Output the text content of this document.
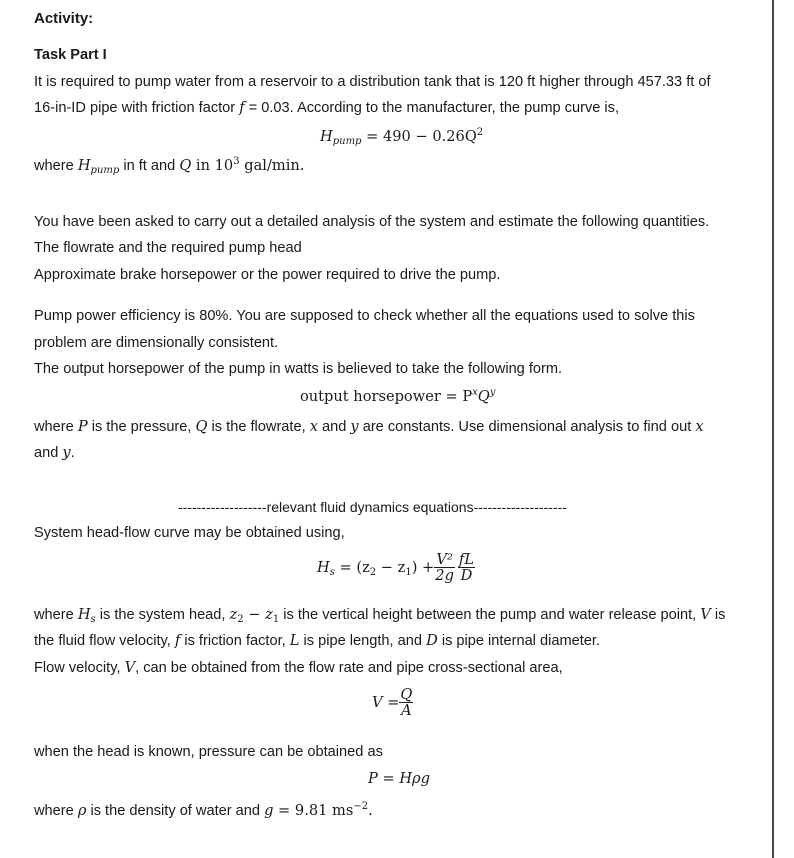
Activity:
Task Part I
It is required to pump water from a reservoir to a distribution tank that is 120 ft higher through 457.33 ft of
16-in-ID pipe with friction factor f = 0.03. According to the manufacturer, the pump curve is,
$H_{pump} = 490 - 0.26Q^2$
where $H_{pump}$ in ft and Q in $10^3$ gal/min.
You have been asked to carry out a detailed analysis of the system and estimate the following quantities.
The flowrate and the required pump head
Approximate brake horsepower or the power required to drive the pump.
Pump power efficiency is 80%. You are supposed to check whether all the equations used to solve this
problem are dimensionally consistent.
The output horsepower of the pump in watts is believed to take the following form.
output horsepower = $P^xQ^y$
where P is the pressure, Q is the flowrate, x and y are constants. Use dimensional analysis to find out x
and y.
-------------------relevant fluid dynamics equations--------------------
System head-flow curve may be obtained using,
$H_s = (z_2 - z_1) + \frac{\text{V²}}{2g} \frac{fL}{D}$
where $H_s$ is the system head, $z_2 - z_1$ is the vertical height between the pump and water release point, V is
the fluid flow velocity, f is friction factor, L is pipe length, and D is pipe internal diameter.
Flow velocity, V, can be obtained from the flow rate and pipe cross-sectional area,
$V = \frac{Q}{A}$
when the head is known, pressure can be obtained as
P = Hρg
where ρ is the density of water and g = 9.81 $ms^{-2}$.
